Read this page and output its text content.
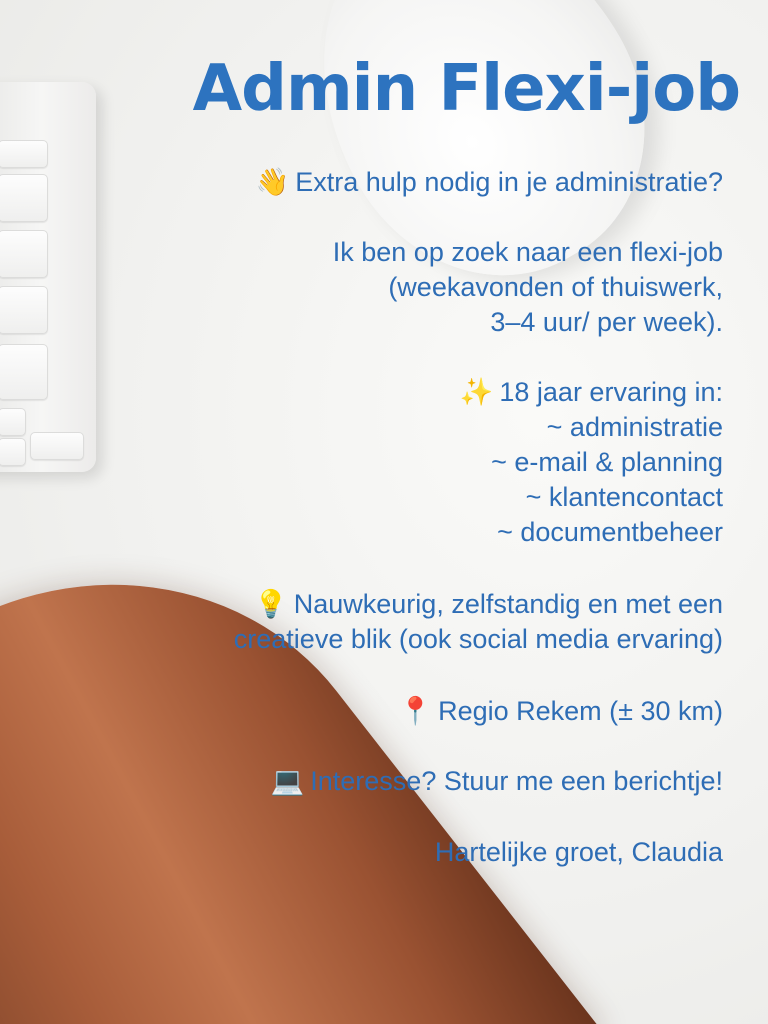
Admin Flexi-job
👋 Extra hulp nodig in je administratie?
Ik ben op zoek naar een flexi-job
(weekavonden of thuiswerk,
3–4 uur/ per week).
✨ 18 jaar ervaring in:
~ administratie
~ e-mail & planning
~ klantencontact
~ documentbeheer
💡 Nauwkeurig, zelfstandig en met een
creatieve blik (ook social media ervaring)
📍 Regio Rekem (± 30 km)
💻 Interesse? Stuur me een berichtje!
Hartelijke groet, Claudia
